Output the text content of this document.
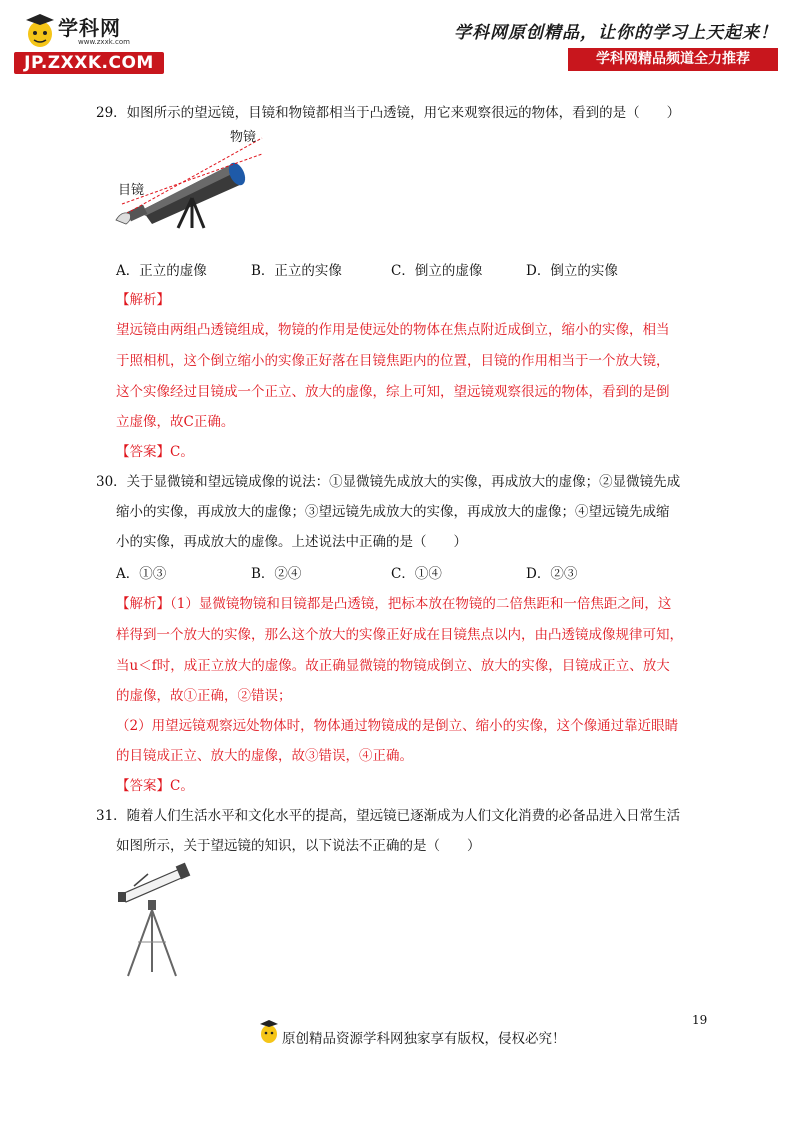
学科网
www.zxxk.com
JP.ZXXK.COM
学科网原创精品，让你的学习上天起来！
学科网精品频道全力推荐
29．如图所示的望远镜，目镜和物镜都相当于凸透镜，用它来观察很远的物体，看到的是（　　）
物镜
目镜
A．正立的虚像	B．正立的实像	C．倒立的虚像	D．倒立的实像
【解析】
望远镜由两组凸透镜组成，物镜的作用是使远处的物体在焦点附近成倒立，缩小的实像，相当
于照相机，这个倒立缩小的实像正好落在目镜焦距内的位置，目镜的作用相当于一个放大镜，
这个实像经过目镜成一个正立、放大的虚像，综上可知，望远镜观察很远的物体，看到的是倒
立虚像，故C正确。
【答案】C。
30．关于显微镜和望远镜成像的说法：①显微镜先成放大的实像，再成放大的虚像；②显微镜先成
缩小的实像，再成放大的虚像；③望远镜先成放大的实像，再成放大的虚像；④望远镜先成缩
小的实像，再成放大的虚像。上述说法中正确的是（　　）
A．①③	B．②④	C．①④	D．②③
【解析】（1）显微镜物镜和目镜都是凸透镜，把标本放在物镜的二倍焦距和一倍焦距之间，这
样得到一个放大的实像，那么这个放大的实像正好成在目镜焦点以内，由凸透镜成像规律可知，
当u＜f时，成正立放大的虚像。故正确显微镜的物镜成倒立、放大的实像，目镜成正立、放大
的虚像，故①正确，②错误；
（2）用望远镜观察远处物体时，物体通过物镜成的是倒立、缩小的实像，这个像通过靠近眼睛
的目镜成正立、放大的虚像，故③错误，④正确。
【答案】C。
31．随着人们生活水平和文化水平的提高，望远镜已逐渐成为人们文化消费的必备品进入日常生活
如图所示，关于望远镜的知识，以下说法不正确的是（　　）
19
原创精品资源学科网独家享有版权，侵权必究！
